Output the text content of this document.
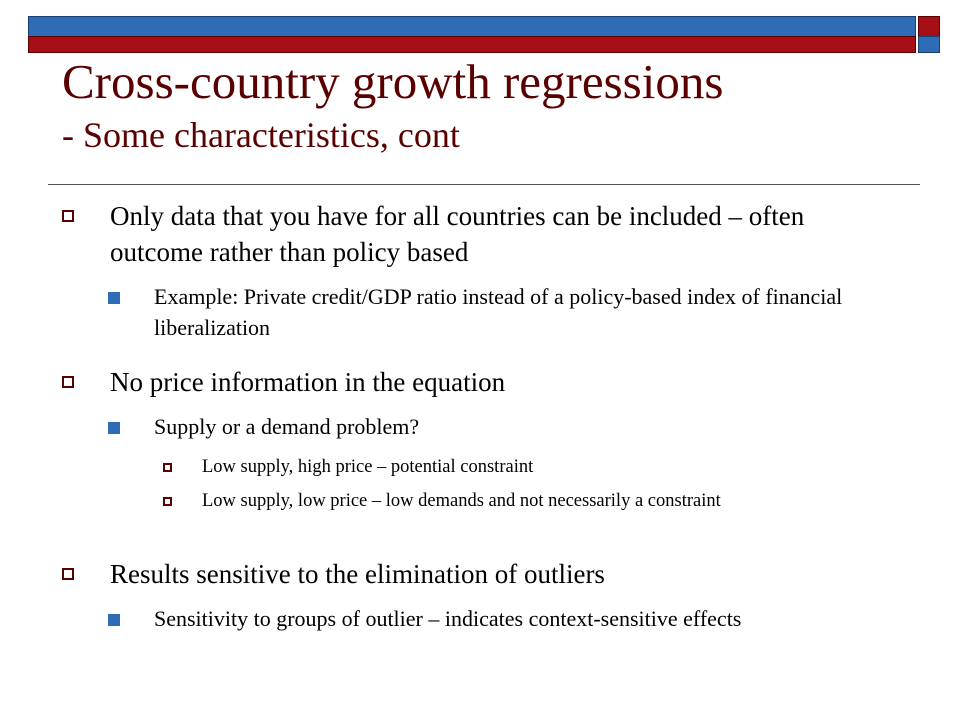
Cross-country growth regressions
- Some characteristics, cont
Only data that you have for all countries can be included – often outcome rather than policy based
Example: Private credit/GDP ratio instead of a policy-based index of financial liberalization
No price information in the equation
Supply or a demand problem?
Low supply, high price – potential constraint
Low supply, low price – low demands and not necessarily a constraint
Results sensitive to the elimination of outliers
Sensitivity to groups of outlier – indicates context-sensitive effects
